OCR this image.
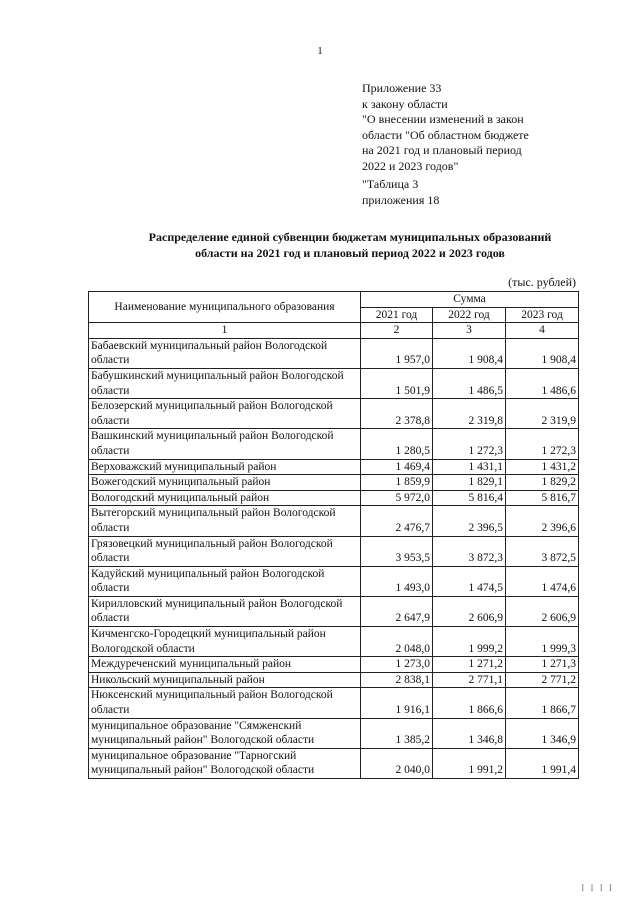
1
Приложение 33
к закону области
"О внесении изменений в закон
области "Об областном бюджете
на 2021 год и плановый период
2022 и 2023 годов"
"Таблица 3
приложения 18
Распределение единой субвенции бюджетам муниципальных образований
области на 2021 год и плановый период 2022 и 2023 годов
(тыс. рублей)
Наименование муниципального образования	Сумма		
	2021 год	2022 год	2023 год
1	2	3	4
Бабаевский муниципальный район Вологодской области	1 957,0	1 908,4	1 908,4
Бабушкинский муниципальный район Вологодской области	1 501,9	1 486,5	1 486,6
Белозерский муниципальный район Вологодской области	2 378,8	2 319,8	2 319,9
Вашкинский муниципальный район Вологодской области	1 280,5	1 272,3	1 272,3
Верховажский муниципальный район	1 469,4	1 431,1	1 431,2
Вожегодский муниципальный район	1 859,9	1 829,1	1 829,2
Вологодский муниципальный район	5 972,0	5 816,4	5 816,7
Вытегорский муниципальный район Вологодской области	2 476,7	2 396,5	2 396,6
Грязовецкий муниципальный район Вологодской области	3 953,5	3 872,3	3 872,5
Кадуйский муниципальный район Вологодской области	1 493,0	1 474,5	1 474,6
Кирилловский муниципальный район Вологодской области	2 647,9	2 606,9	2 606,9
Кичменгско-Городецкий муниципальный район Вологодской области	2 048,0	1 999,2	1 999,3
Междуреченский муниципальный район	1 273,0	1 271,2	1 271,3
Никольский муниципальный район	2 838,1	2 771,1	2 771,2
Нюксенский муниципальный район Вологодской области	1 916,1	1 866,6	1 866,7
муниципальное образование "Сямженский муниципальный район" Вологодской области	1 385,2	1 346,8	1 346,9
муниципальное образование "Тарногский муниципальный район" Вологодской области	2 040,0	1 991,2	1 991,4
I I I I
